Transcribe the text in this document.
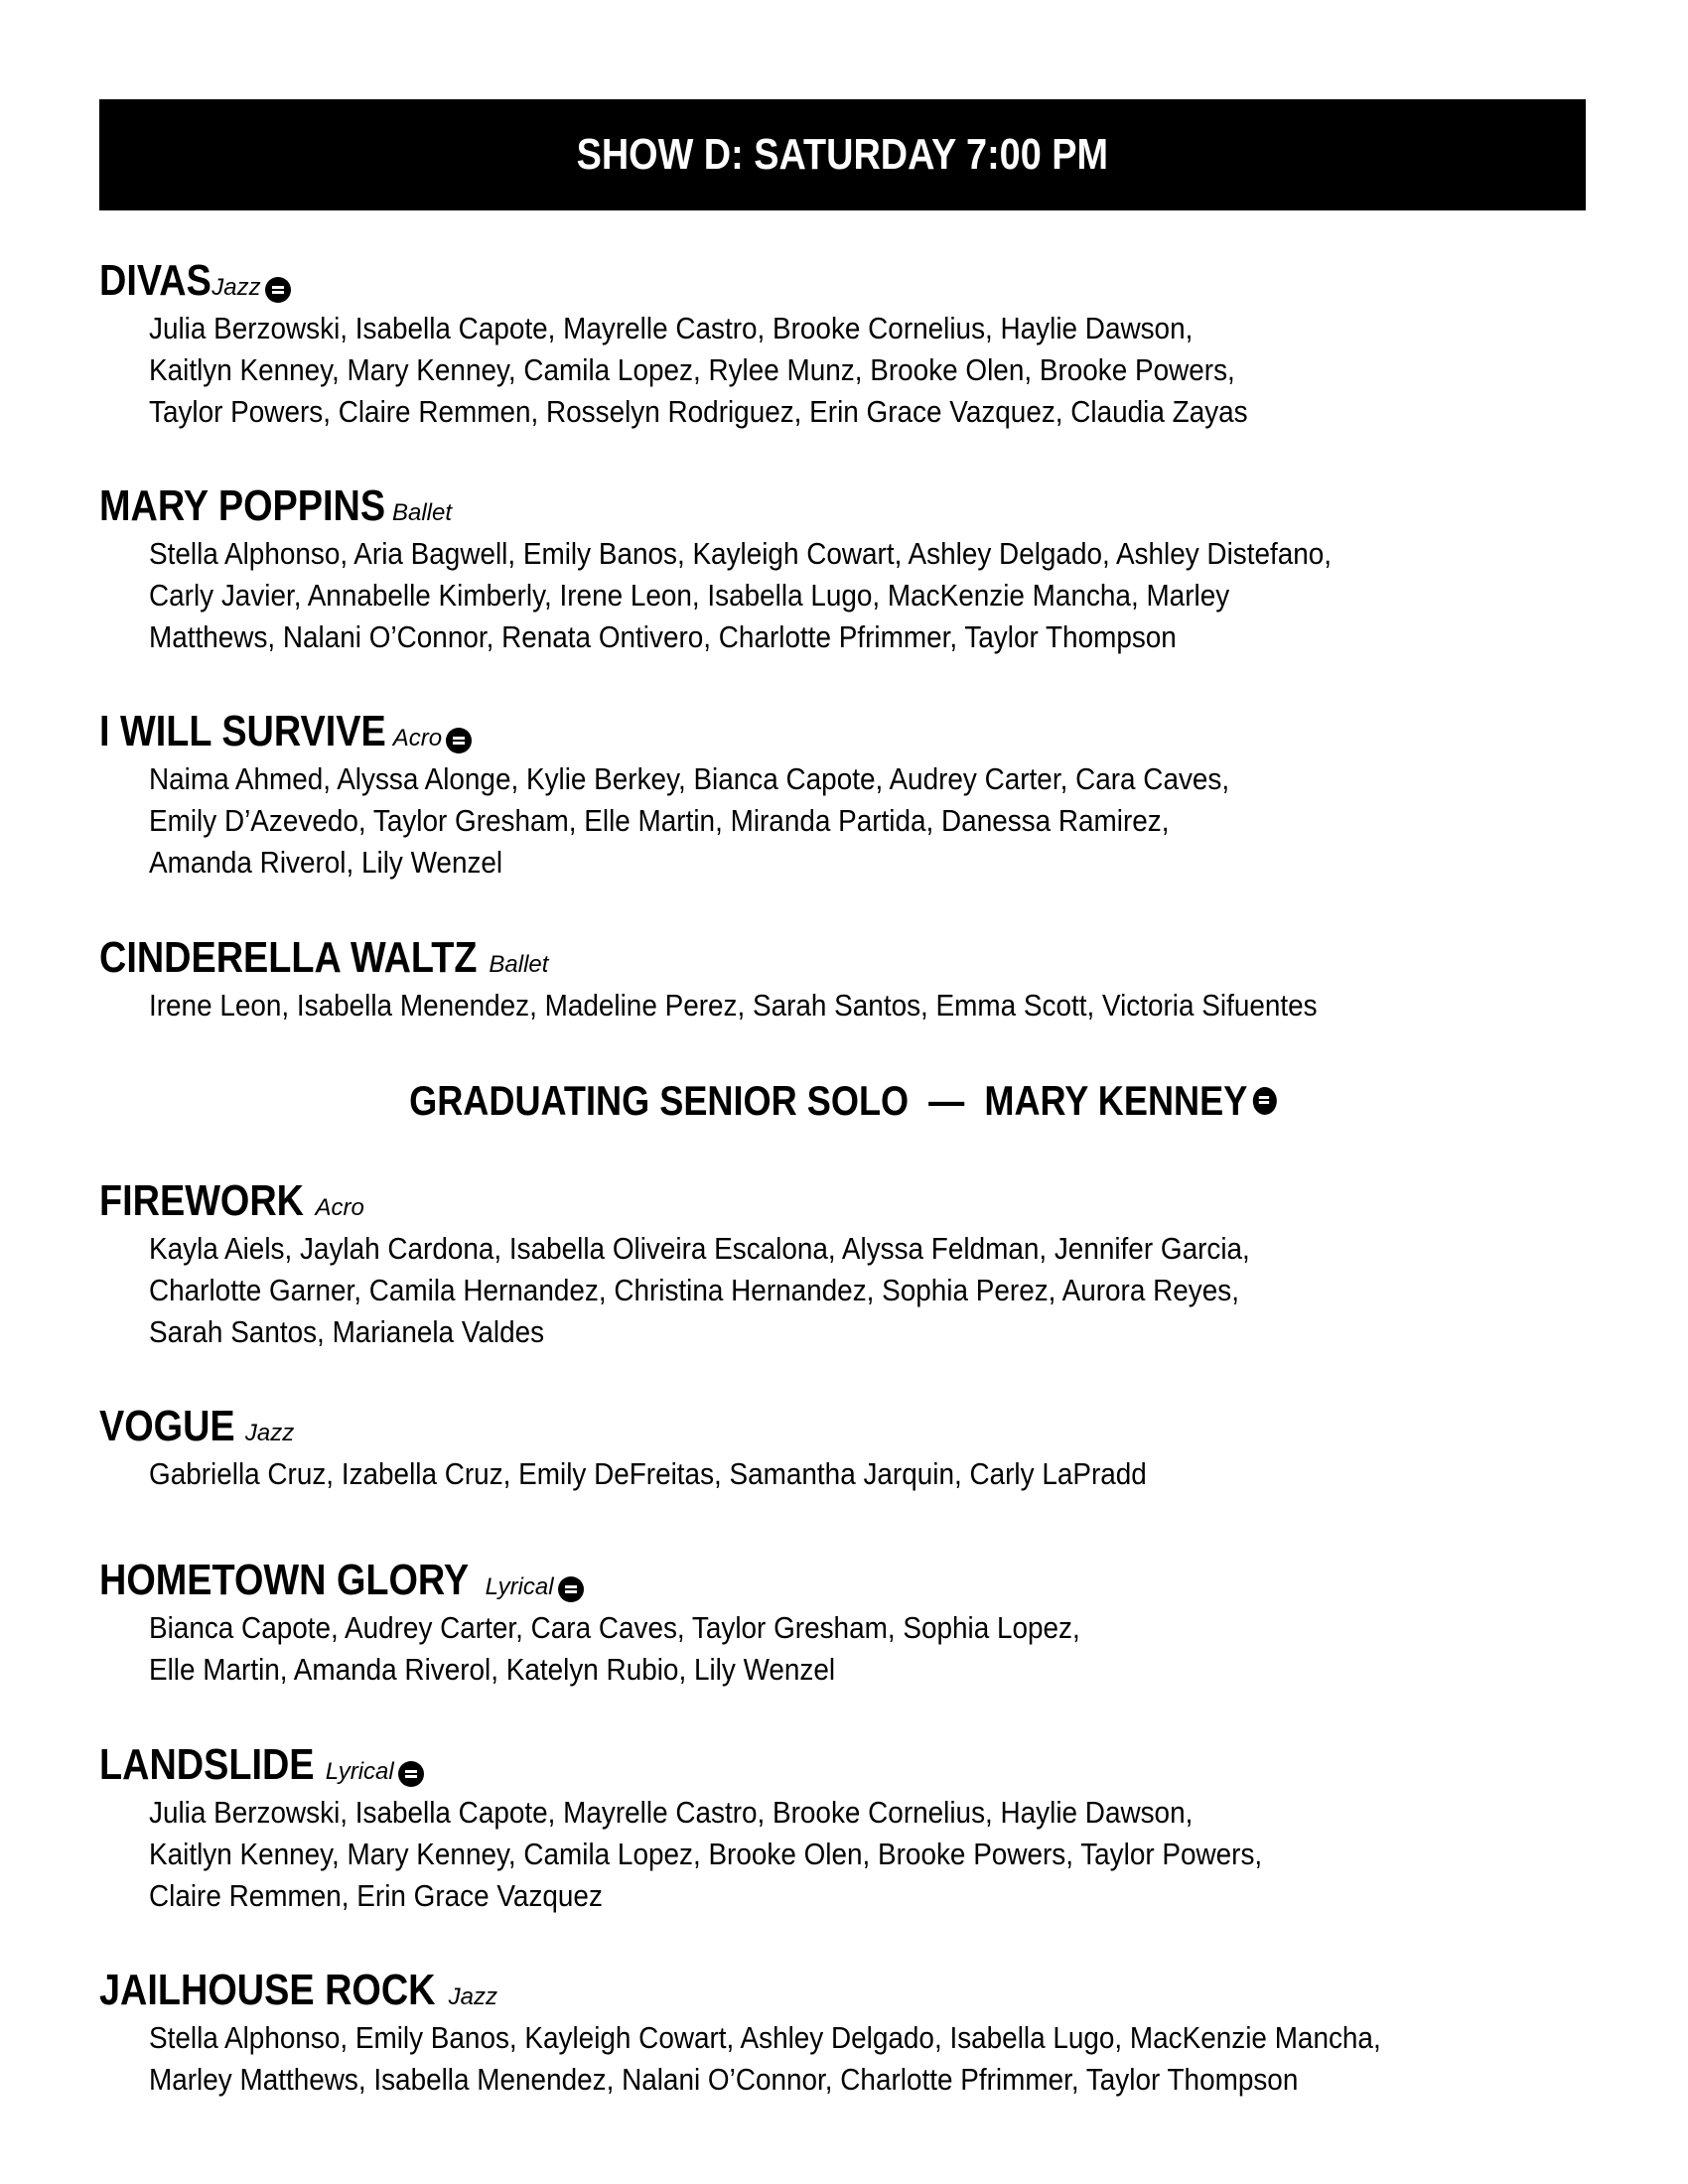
SHOW D: SATURDAY 7:00 PM
DIVAS Jazz
Julia Berzowski, Isabella Capote, Mayrelle Castro, Brooke Cornelius, Haylie Dawson,
Kaitlyn Kenney, Mary Kenney, Camila Lopez, Rylee Munz, Brooke Olen, Brooke Powers,
Taylor Powers, Claire Remmen, Rosselyn Rodriguez, Erin Grace Vazquez, Claudia Zayas
MARY POPPINS Ballet
Stella Alphonso, Aria Bagwell, Emily Banos, Kayleigh Cowart, Ashley Delgado, Ashley Distefano,
Carly Javier, Annabelle Kimberly, Irene Leon, Isabella Lugo, MacKenzie Mancha, Marley
Matthews, Nalani O’Connor, Renata Ontivero, Charlotte Pfrimmer, Taylor Thompson
I WILL SURVIVE Acro
Naima Ahmed, Alyssa Alonge, Kylie Berkey, Bianca Capote, Audrey Carter, Cara Caves,
Emily D’Azevedo, Taylor Gresham, Elle Martin, Miranda Partida, Danessa Ramirez,
Amanda Riverol, Lily Wenzel
CINDERELLA WALTZ Ballet
Irene Leon, Isabella Menendez, Madeline Perez, Sarah Santos, Emma Scott, Victoria Sifuentes
GRADUATING SENIOR SOLO  —  MARY KENNEY
FIREWORK Acro
Kayla Aiels, Jaylah Cardona, Isabella Oliveira Escalona, Alyssa Feldman, Jennifer Garcia,
Charlotte Garner, Camila Hernandez, Christina Hernandez, Sophia Perez, Aurora Reyes,
Sarah Santos, Marianela Valdes
VOGUE Jazz
Gabriella Cruz, Izabella Cruz, Emily DeFreitas, Samantha Jarquin, Carly LaPradd
HOMETOWN GLORY Lyrical
Bianca Capote, Audrey Carter, Cara Caves, Taylor Gresham, Sophia Lopez,
Elle Martin, Amanda Riverol, Katelyn Rubio, Lily Wenzel
LANDSLIDE Lyrical
Julia Berzowski, Isabella Capote, Mayrelle Castro, Brooke Cornelius, Haylie Dawson,
Kaitlyn Kenney, Mary Kenney, Camila Lopez, Brooke Olen, Brooke Powers, Taylor Powers,
Claire Remmen, Erin Grace Vazquez
JAILHOUSE ROCK Jazz
Stella Alphonso, Emily Banos, Kayleigh Cowart, Ashley Delgado, Isabella Lugo, MacKenzie Mancha,
Marley Matthews, Isabella Menendez, Nalani O’Connor, Charlotte Pfrimmer, Taylor Thompson
